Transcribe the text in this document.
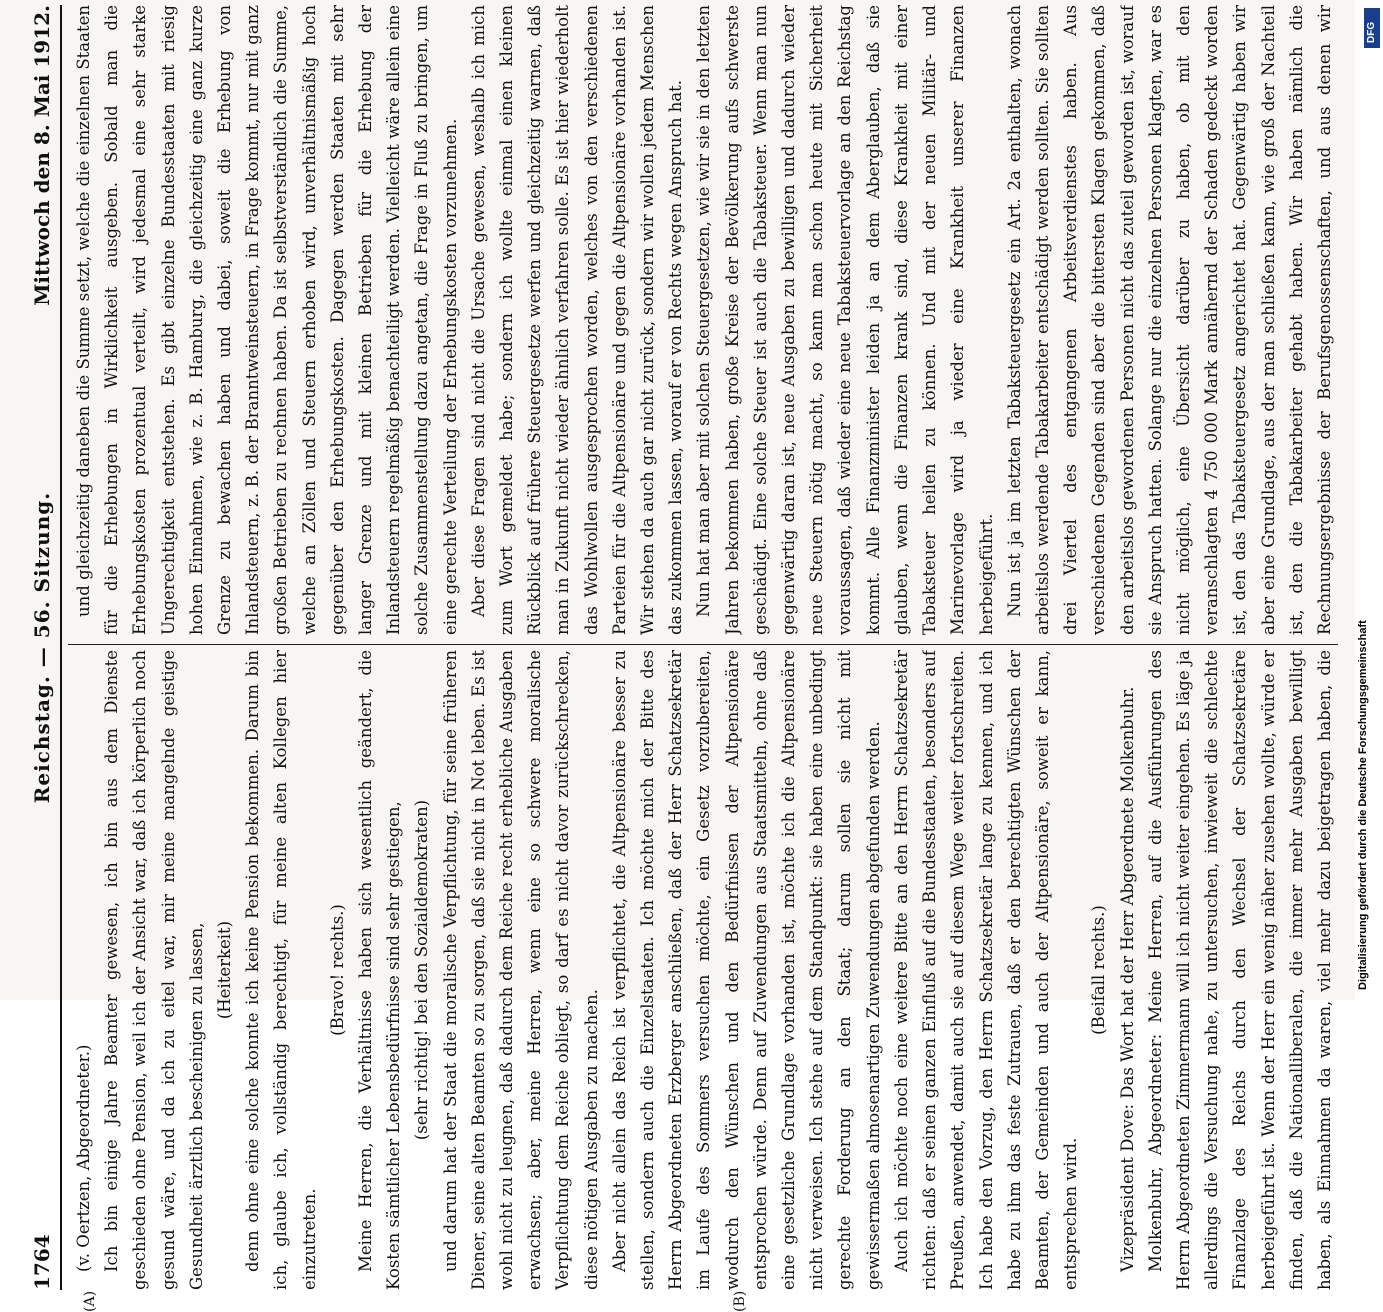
1764
Reichstag. — 56. Sitzung.
Mittwoch den 8. Mai 1912.

(v. Oertzen, Abgeordneter.) Ich bin einige Jahre Beamter gewesen, ich bin aus dem Dienste geschieden ohne Pension, weil ich der Ansicht war, daß ich körperlich noch gesund wäre, und da ich zu eitel war, mir meine mangelnde geistige Gesundheit ärztlich bescheinigen zu lassen, (Heiterkeit) denn ohne eine solche konnte ich keine Pension bekommen. Darum bin ich, glaube ich, vollständig berechtigt, für meine alten Kollegen hier einzutreten.

(Bravo! rechts.) Meine Herren, die Verhältnisse haben sich wesentlich geändert, die Kosten sämtlicher Lebensbedürfnisse sind sehr gestiegen, (sehr richtig! bei den Sozialdemokraten) und darum hat der Staat die moralische Verpflichtung, für seine früheren Diener, seine alten Beamten so zu sorgen, daß sie nicht in Not leben. Es ist wohl nicht zu leugnen, daß dadurch dem Reiche recht erhebliche Ausgaben erwachsen; aber, meine Herren, wenn eine so schwere moralische Verpflichtung dem Reiche obliegt, so darf es nicht davor zurückschrecken, diese nötigen Ausgaben zu machen. Aber nicht allein das Reich ist verpflichtet, die Altpensionäre besser zu stellen, sondern auch die Einzelstaaten. Ich möchte mich der Bitte des Herrn Abgeordneten Erzberger anschließen, daß der Herr Schatzsekretär im Laufe des Sommers versuchen möchte, ein Gesetz vorzubereiten, wodurch den Wünschen und den Bedürfnissen der Altpensionäre entsprochen würde. Denn auf Zuwendungen aus Staatsmitteln, ohne daß eine gesetzliche Grundlage vorhanden ist, möchte ich die Altpensionäre nicht verweisen. Ich stehe auf dem Standpunkt: sie haben eine unbedingt gerechte Forderung an den Staat; darum sollen sie nicht mit gewissermaßen almosenartigen Zuwendungen abgefunden werden. Auch ich möchte noch eine weitere Bitte an den Herrn Schatzsekretär richten: daß er seinen ganzen Einfluß auf die Bundesstaaten, besonders auf Preußen, anwendet, damit auch sie auf diesem Wege weiter fortschreiten. Ich habe den Vorzug, den Herrn Schatzsekretär lange zu kennen, und ich habe zu ihm das feste Zutrauen, daß er den berechtigten Wünschen der Beamten, der Gemeinden und auch der Altpensionäre, soweit er kann, entsprechen wird.

(Beifall rechts.) Vizepräsident Dove: Das Wort hat der Herr Abgeordnete Molkenbuhr. Molkenbuhr, Abgeordneter: Meine Herren, auf die Ausführungen des Herrn Abgeordneten Zimmermann will ich nicht weiter eingehen. Es läge ja allerdings die Versuchung nahe, zu untersuchen, inwieweit die schlechte Finanzlage des Reichs durch den Wechsel der Schatzsekretäre herbeigeführt ist. Wenn der Herr ein wenig näher zusehen wollte, würde er finden, daß die Nationalliberalen, die immer mehr Ausgaben bewilligt haben, als Einnahmen da waren, viel mehr dazu beigetragen haben, die

und gleichzeitig daneben die Summe setzt, welche die einzelnen Staaten für die Erhebungen in Wirklichkeit ausgeben. Sobald man die Erhebungskosten prozentual verteilt, wird jedesmal eine sehr starke Ungerechtigkeit entstehen. Es gibt einzelne Bundesstaaten mit riesig hohen Einnahmen, wie z. B. Hamburg, die gleichzeitig eine ganz kurze Grenze zu bewachen haben und dabei, soweit die Erhebung von Inlandsteuern, z. B. der Branntweinsteuern, in Frage kommt, nur mit ganz großen Betrieben zu rechnen haben. Da ist selbstverständlich die Summe, welche an Zöllen und Steuern erhoben wird, unverhältnismäßig hoch gegenüber den Erhebungskosten. Dagegen werden Staaten mit sehr langer Grenze und mit kleinen Betrieben für die Erhebung der Inlandsteuern regelmäßig benachteiligt werden. Vielleicht wäre allein eine solche Zusammenstellung dazu angetan, die Frage in Fluß zu bringen, um eine gerechte Verteilung der Erhebungskosten vorzunehmen. Aber diese Fragen sind nicht die Ursache gewesen, weshalb ich mich zum Wort gemeldet habe; sondern ich wollte einmal einen kleinen Rückblick auf frühere Steuergesetze werfen und gleichzeitig warnen, daß man in Zukunft nicht wieder ähnlich verfahren solle. Es ist hier wiederholt das Wohlwollen ausgesprochen worden, welches von den verschiedenen Parteien für die Altpensionäre und gegen die Altpensionäre vorhanden ist. Wir stehen da auch gar nicht zurück, sondern wir wollen jedem Menschen das zukommen lassen, worauf er von Rechts wegen Anspruch hat. Nun hat man aber mit solchen Steuergesetzen, wie wir sie in den letzten Jahren bekommen haben, große Kreise der Bevölkerung aufs schwerste geschädigt. Eine solche Steuer ist auch die Tabaksteuer. Wenn man nun gegenwärtig daran ist, neue Ausgaben zu bewilligen und dadurch wieder neue Steuern nötig macht, so kann man schon heute mit Sicherheit voraussagen, daß wieder eine neue Tabaksteuervorlage an den Reichstag kommt. Alle Finanzminister leiden ja an dem Aberglauben, daß sie glauben, wenn die Finanzen krank sind, diese Krankheit mit einer Tabaksteuer heilen zu können. Und mit der neuen Militär- und Marinevorlage wird ja wieder eine Krankheit unserer Finanzen herbeigeführt. Nun ist ja im letzten Tabaksteuergesetz ein Art. 2a enthalten, wonach arbeitslos werdende Tabakarbeiter entschädigt werden sollten. Sie sollten drei Viertel des entgangenen Arbeitsverdienstes haben. Aus verschiedenen Gegenden sind aber die bittersten Klagen gekommen, daß den arbeitslos gewordenen Personen nicht das zuteil geworden ist, worauf sie Anspruch hatten. Solange nur die einzelnen Personen klagten, war es nicht möglich, eine Übersicht darüber zu haben, ob mit den veranschlagten 4 750 000 Mark annähernd der Schaden gedeckt worden ist, den das Tabaksteuergesetz angerichtet hat. Gegenwärtig haben wir aber eine Grundlage, aus der man schließen kann, wie groß der Nachteil ist, den die Tabakarbeiter gehabt haben. Wir haben nämlich die Rechnungsergebnisse der Berufsgenossenschaften, und aus denen wir

(A)	(B)
DFG
Digitalisierung gefördert durch die Deutsche Forschungsgemeinschaft
